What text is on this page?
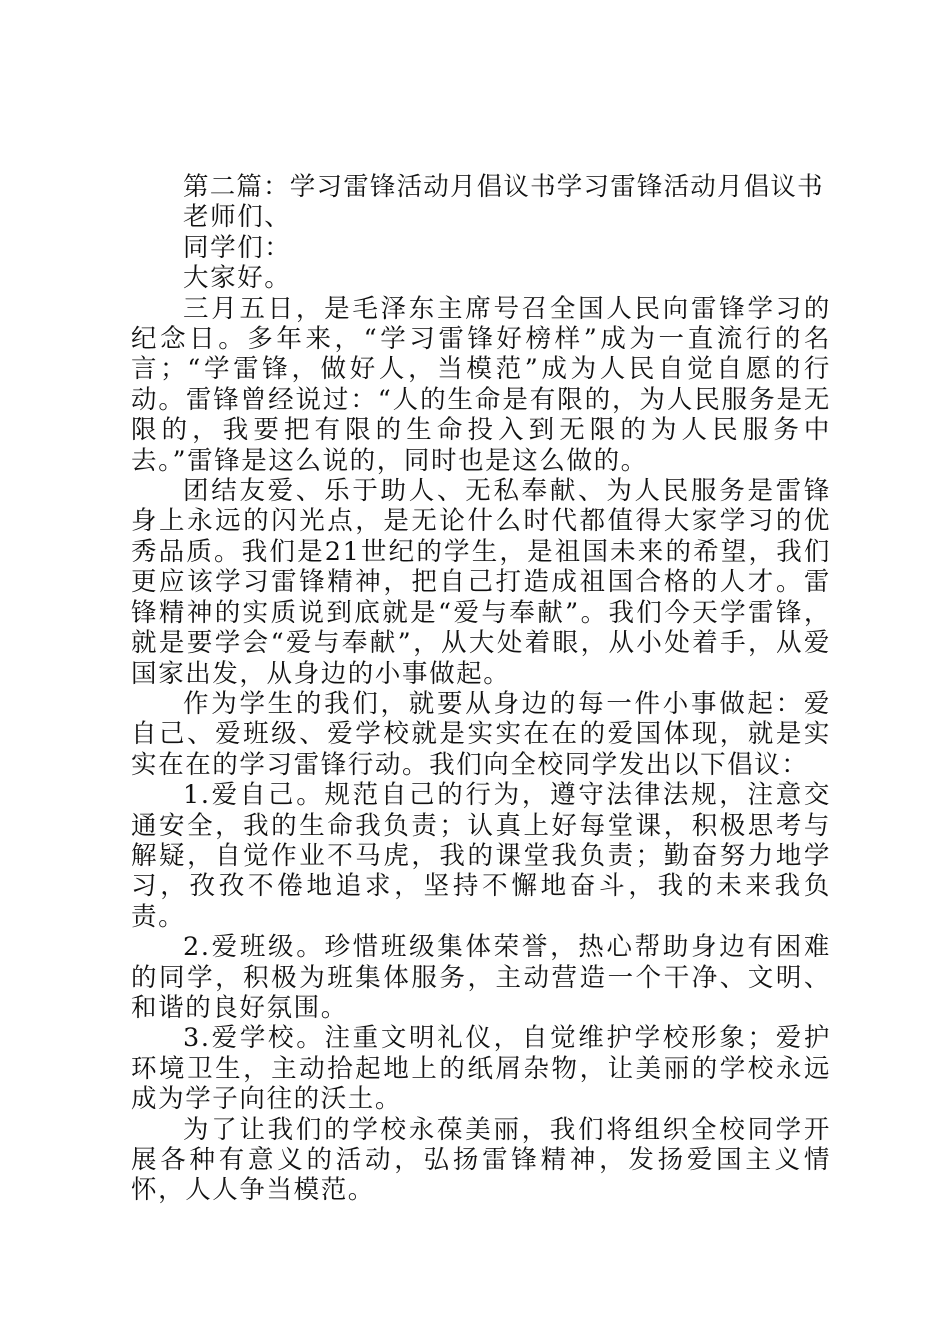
第二篇：学习雷锋活动月倡议书学习雷锋活动月倡议书

老师们、

同学们：

大家好。

三月五日，是毛泽东主席号召全国人民向雷锋学习的纪念日。多年来，“学习雷锋好榜样”成为一直流行的名言；“学雷锋，做好人，当模范”成为人民自觉自愿的行动。雷锋曾经说过：“人的生命是有限的，为人民服务是无限的，我要把有限的生命投入到无限的为人民服务中去。”雷锋是这么说的，同时也是这么做的。

团结友爱、乐于助人、无私奉献、为人民服务是雷锋身上永远的闪光点，是无论什么时代都值得大家学习的优秀品质。我们是21世纪的学生，是祖国未来的希望，我们更应该学习雷锋精神，把自己打造成祖国合格的人才。雷锋精神的实质说到底就是“爱与奉献”。我们今天学雷锋，就是要学会“爱与奉献”，从大处着眼，从小处着手，从爱国家出发，从身边的小事做起。

作为学生的我们，就要从身边的每一件小事做起：爱自己、爱班级、爱学校就是实实在在的爱国体现，就是实实在在的学习雷锋行动。我们向全校同学发出以下倡议：

1.爱自己。规范自己的行为，遵守法律法规，注意交通安全，我的生命我负责；认真上好每堂课，积极思考与解疑，自觉作业不马虎，我的课堂我负责；勤奋努力地学习，孜孜不倦地追求，坚持不懈地奋斗，我的未来我负责。

2.爱班级。珍惜班级集体荣誉，热心帮助身边有困难的同学，积极为班集体服务，主动营造一个干净、文明、和谐的良好氛围。

3.爱学校。注重文明礼仪，自觉维护学校形象；爱护环境卫生，主动拾起地上的纸屑杂物，让美丽的学校永远成为学子向往的沃土。

为了让我们的学校永葆美丽，我们将组织全校同学开展各种有意义的活动，弘扬雷锋精神，发扬爱国主义情怀，人人争当模范。
